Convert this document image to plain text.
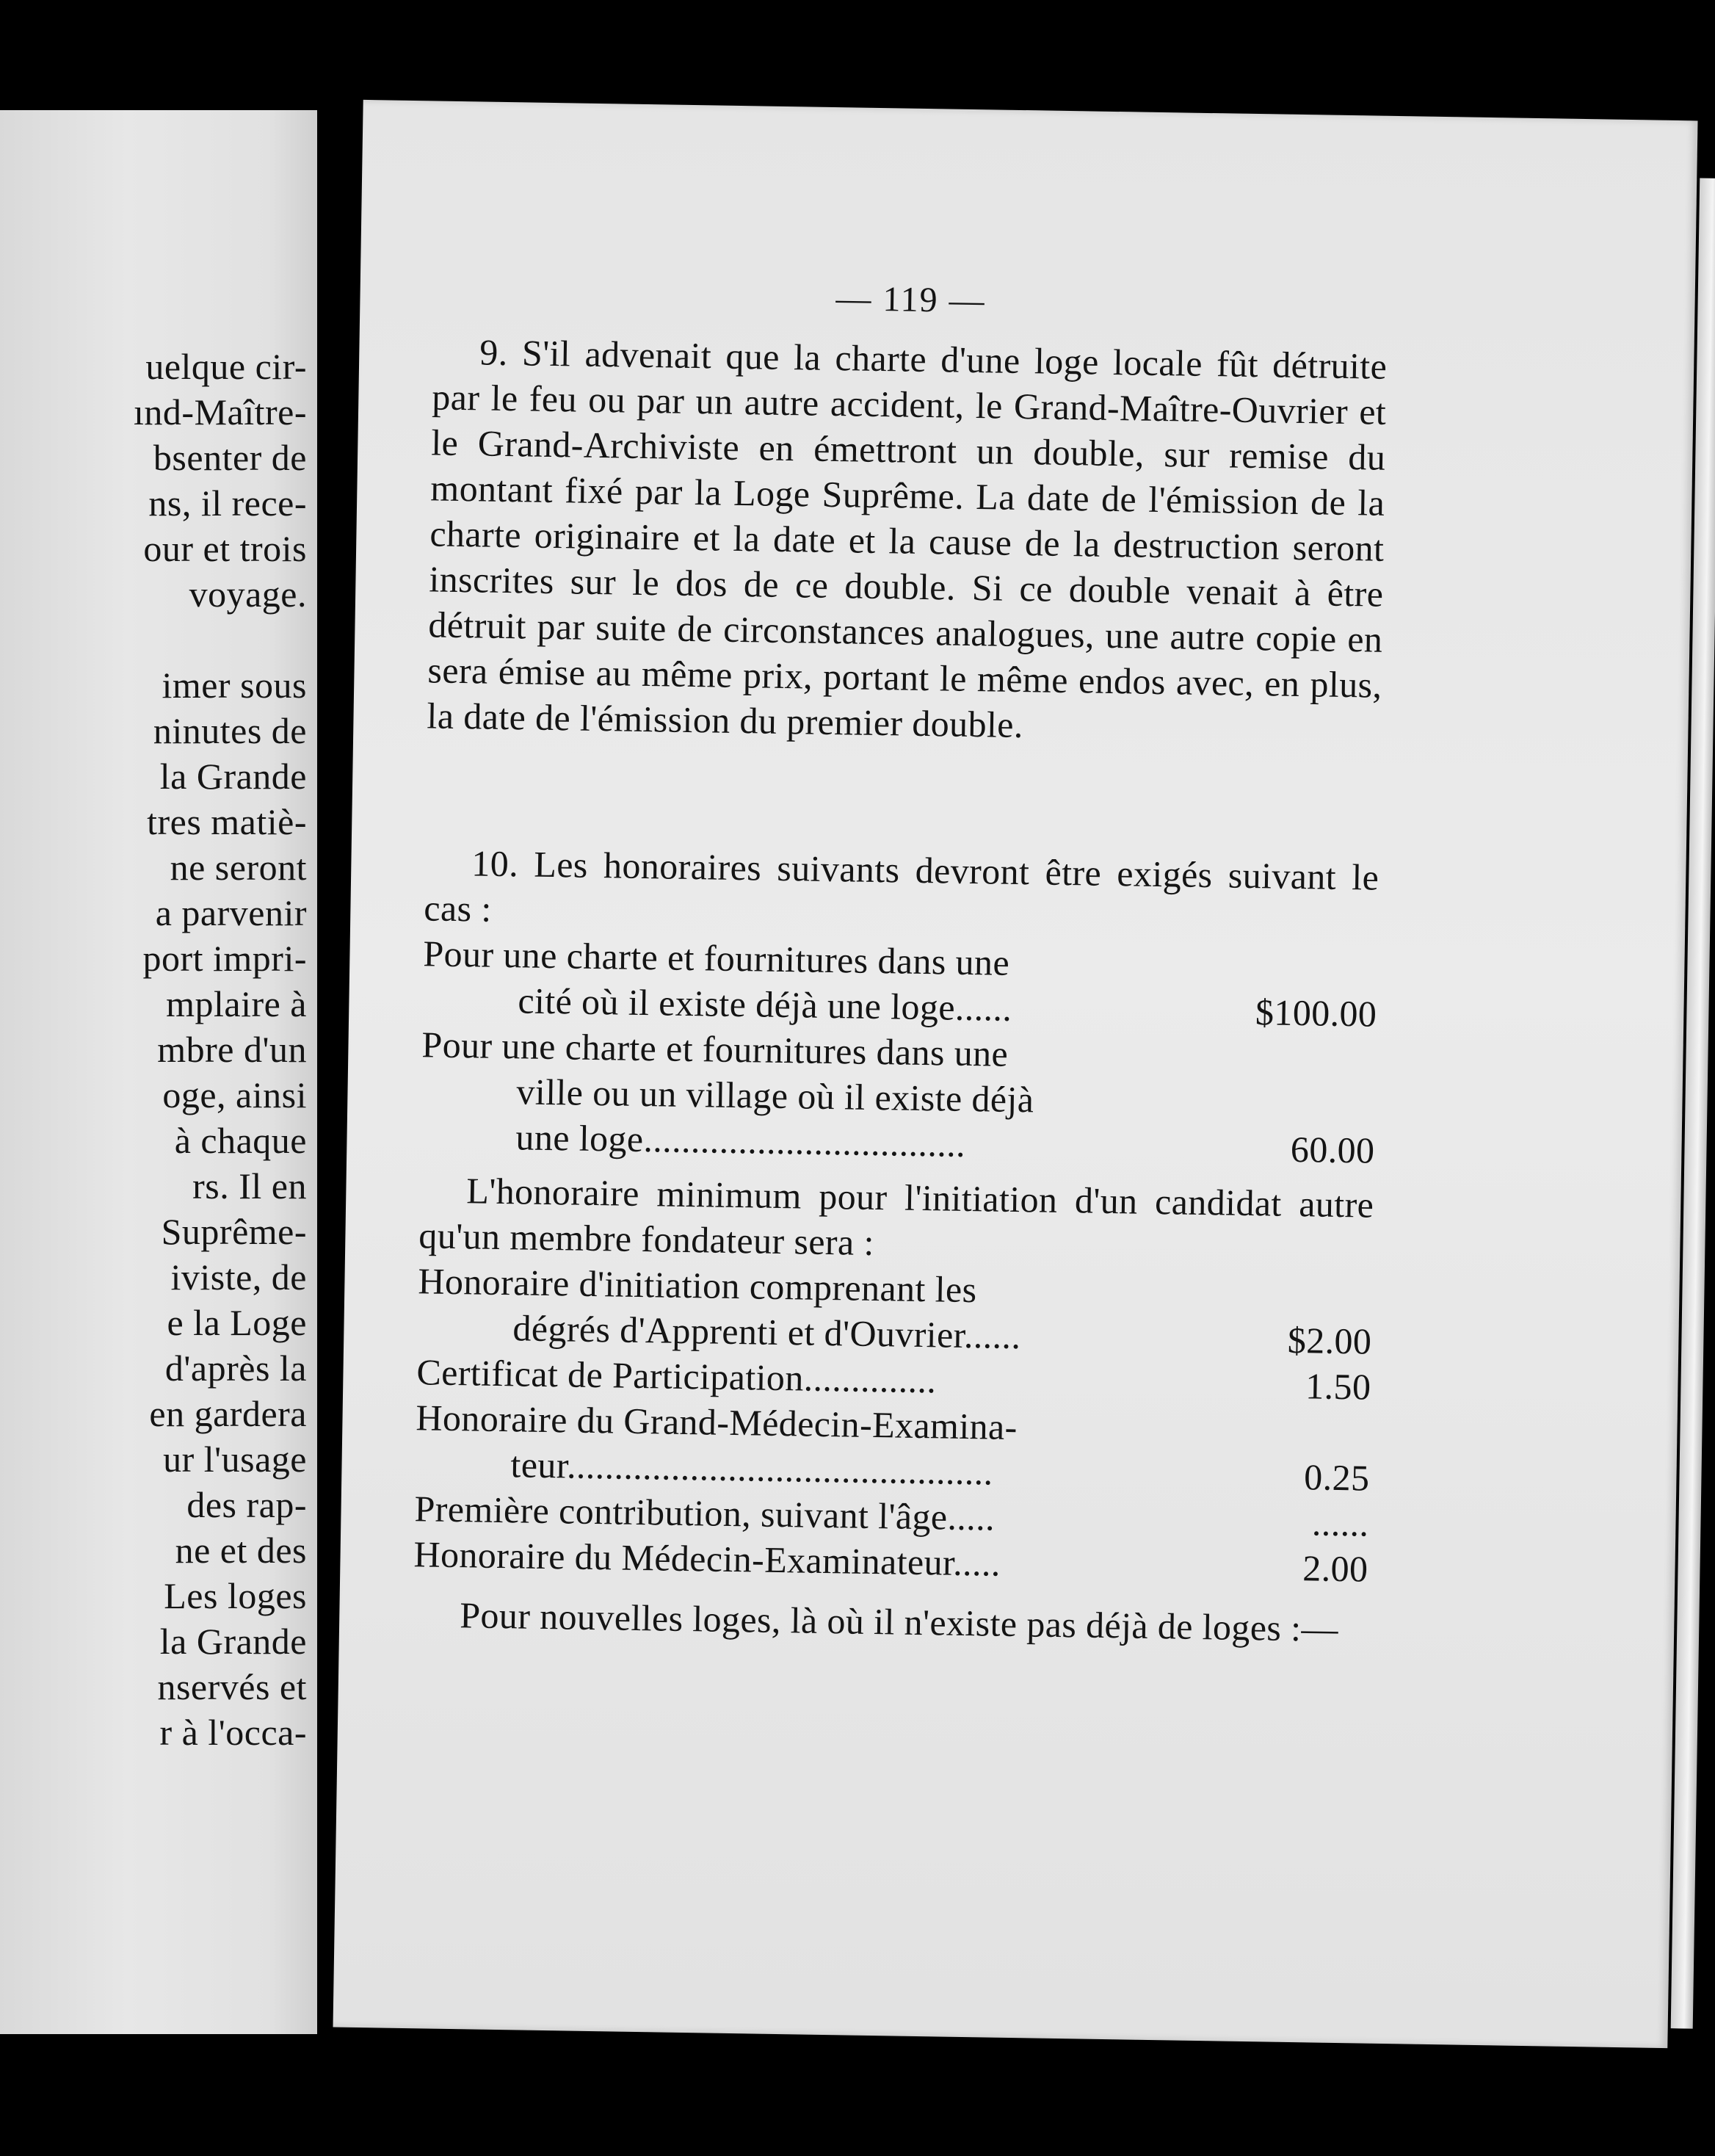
uelque cir-
ınd-Maître-
bsenter de
ns, il rece-
our et trois
voyage.
imer sous
ninutes de
la Grande
tres matiè-
ne seront
a parvenir
port impri-
mplaire à
mbre d'un
oge, ainsi
à chaque
rs. Il en
Suprême-
iviste, de
e la Loge
d'après la
en gardera
ur l'usage
des rap-
ne et des
Les loges
la Grande
nservés et
r à l'occa-
— 119 —
9. S'il advenait que la charte d'une loge locale fût détruite par le feu ou par un autre accident, le Grand-Maître-Ouvrier et le Grand-Archiviste en émettront un double, sur remise du montant fixé par la Loge Suprême. La date de l'émission de la charte originaire et la date et la cause de la destruction seront inscrites sur le dos de ce double. Si ce double venait à être détruit par suite de circonstances analogues, une autre copie en sera émise au même prix, portant le même endos avec, en plus, la date de l'émission du premier double.
10. Les honoraires suivants devront être exigés suivant le cas :
Pour une charte et fournitures dans une
cité où il existe déjà une loge......	$100.00
Pour une charte et fournitures dans une
ville ou un village où il existe déjà
une loge..................................	60.00
L'honoraire minimum pour l'initiation d'un candidat autre qu'un membre fondateur sera :
Honoraire d'initiation comprenant les
dégrés d'Apprenti et d'Ouvrier......	$2.00
Certificat de Participation..............	1.50
Honoraire du Grand-Médecin-Examina-
teur.............................................	0.25
Première contribution, suivant l'âge.....	......
Honoraire du Médecin-Examinateur.....	2.00
Pour nouvelles loges, là où il n'existe pas déjà de loges :—
